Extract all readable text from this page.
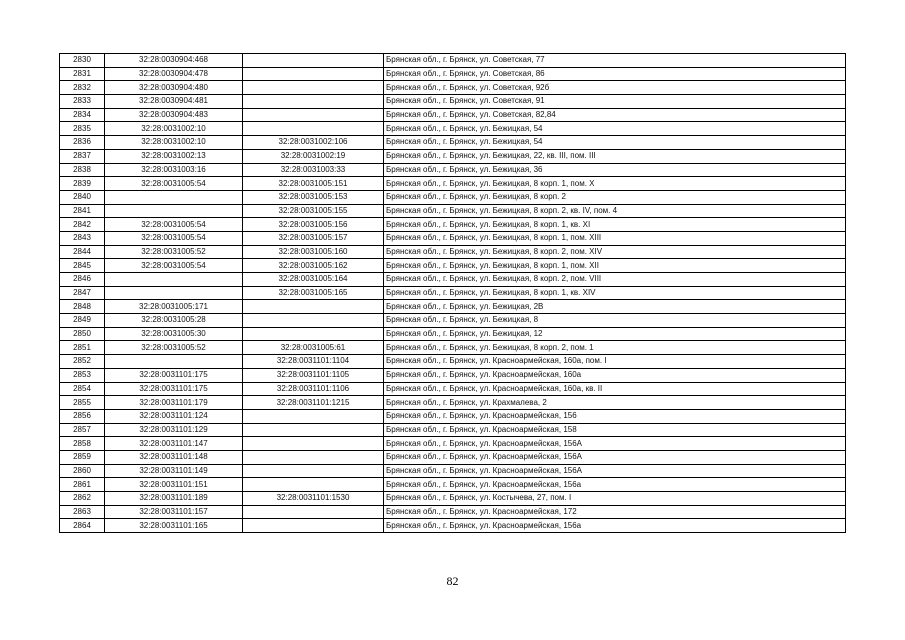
2830	32:28:0030904:468		Брянская обл., г. Брянск, ул. Советская, 77
2831	32:28:0030904:478		Брянская обл., г. Брянск, ул. Советская, 86
2832	32:28:0030904:480		Брянская обл., г. Брянск, ул. Советская, 92б
2833	32:28:0030904:481		Брянская обл., г. Брянск, ул. Советская, 91
2834	32:28:0030904:483		Брянская обл., г. Брянск, ул. Советская, 82,84
2835	32:28:0031002:10		Брянская обл., г. Брянск, ул. Бежицкая, 54
2836	32:28:0031002:10	32:28:0031002:106	Брянская обл., г. Брянск, ул. Бежицкая, 54
2837	32:28:0031002:13	32:28:0031002:19	Брянская обл., г. Брянск, ул. Бежицкая, 22, кв. III, пом. III
2838	32:28:0031003:16	32:28:0031003:33	Брянская обл., г. Брянск, ул. Бежицкая, 36
2839	32:28:0031005:54	32:28:0031005:151	Брянская обл., г. Брянск, ул. Бежицкая, 8 корп. 1, пом. X
2840		32:28:0031005:153	Брянская обл., г. Брянск, ул. Бежицкая, 8 корп. 2
2841		32:28:0031005:155	Брянская обл., г. Брянск, ул. Бежицкая, 8 корп. 2, кв. IV, пом. 4
2842	32:28:0031005:54	32:28:0031005:156	Брянская обл., г. Брянск, ул. Бежицкая, 8 корп. 1, кв. XI
2843	32:28:0031005:54	32:28:0031005:157	Брянская обл., г. Брянск, ул. Бежицкая, 8 корп. 1, пом. XIII
2844	32:28:0031005:52	32:28:0031005:160	Брянская обл., г. Брянск, ул. Бежицкая, 8 корп. 2, пом. XIV
2845	32:28:0031005:54	32:28:0031005:162	Брянская обл., г. Брянск, ул. Бежицкая, 8 корп. 1, пом. XII
2846		32:28:0031005:164	Брянская обл., г. Брянск, ул. Бежицкая, 8 корп. 2, пом. VIII
2847		32:28:0031005:165	Брянская обл., г. Брянск, ул. Бежицкая, 8 корп. 1, кв. XIV
2848	32:28:0031005:171		Брянская обл., г. Брянск, ул. Бежицкая, 2В
2849	32:28:0031005:28		Брянская обл., г. Брянск, ул. Бежицкая, 8
2850	32:28:0031005:30		Брянская обл., г. Брянск, ул. Бежицкая, 12
2851	32:28:0031005:52	32:28:0031005:61	Брянская обл., г. Брянск, ул. Бежицкая, 8 корп. 2, пом. 1
2852		32:28:0031101:1104	Брянская обл., г. Брянск, ул. Красноармейская, 160а, пом. I
2853	32:28:0031101:175	32:28:0031101:1105	Брянская обл., г. Брянск, ул. Красноармейская, 160а
2854	32:28:0031101:175	32:28:0031101:1106	Брянская обл., г. Брянск, ул. Красноармейская, 160а, кв. II
2855	32:28:0031101:179	32:28:0031101:1215	Брянская обл., г. Брянск, ул. Крахмалева, 2
2856	32:28:0031101:124		Брянская обл., г. Брянск, ул. Красноармейская, 156
2857	32:28:0031101:129		Брянская обл., г. Брянск, ул. Красноармейская, 158
2858	32:28:0031101:147		Брянская обл., г. Брянск, ул. Красноармейская, 156А
2859	32:28:0031101:148		Брянская обл., г. Брянск, ул. Красноармейская, 156А
2860	32:28:0031101:149		Брянская обл., г. Брянск, ул. Красноармейская, 156А
2861	32:28:0031101:151		Брянская обл., г. Брянск, ул. Красноармейская, 156а
2862	32:28:0031101:189	32:28:0031101:1530	Брянская обл., г. Брянск, ул. Костычева, 27, пом. I
2863	32:28:0031101:157		Брянская обл., г. Брянск, ул. Красноармейская, 172
2864	32:28:0031101:165		Брянская обл., г. Брянск, ул. Красноармейская, 156а
82
